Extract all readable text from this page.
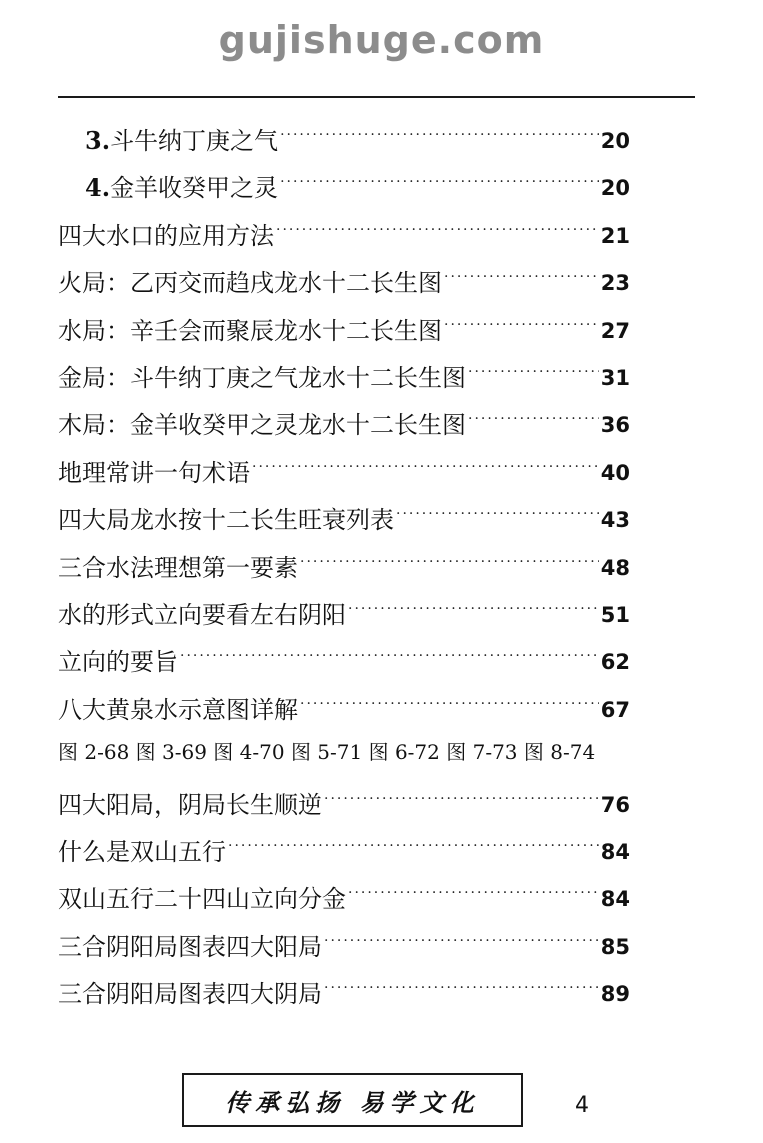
gujishuge.com
3.斗牛纳丁庚之气 ·····	20
4.金羊收癸甲之灵 ·····	20
四大水口的应用方法 ·····	21
火局：乙丙交而趋戌龙水十二长生图 ·····	23
水局：辛壬会而聚辰龙水十二长生图 ·····	27
金局：斗牛纳丁庚之气龙水十二长生图 ·····	31
木局：金羊收癸甲之灵龙水十二长生图 ·····	36
地理常讲一句术语 ·····	40
四大局龙水按十二长生旺衰列表 ·····	43
三合水法理想第一要素 ·····	48
水的形式立向要看左右阴阳 ·····	51
立向的要旨 ·····	62
八大黄泉水示意图详解 ·····	67
图 2-68 图 3-69 图 4-70 图 5-71 图 6-72 图 7-73 图 8-74
四大阳局，阴局长生顺逆 ·····	76
什么是双山五行 ·····	84
双山五行二十四山立向分金 ·····	84
三合阴阳局图表四大阳局 ·····	85
三合阴阳局图表四大阴局 ·····	89
传承弘扬 易学文化	4
